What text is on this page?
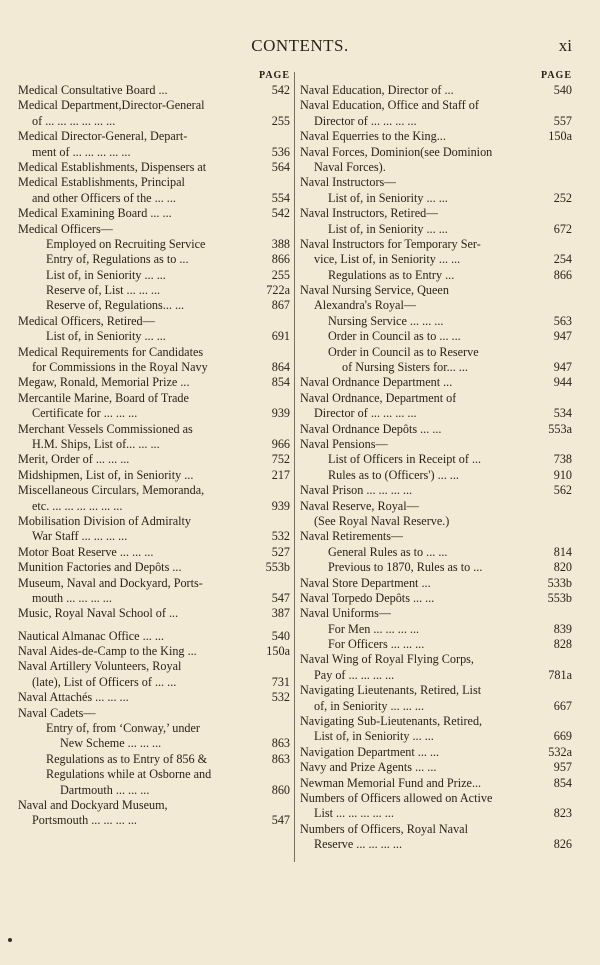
CONTENTS.	xi
PAGE
Medical Consultative Board ...	542
Medical Department,Director-General
of ... ... ... ... ... ...	255
Medical Director-General, Depart-
ment of ... ... ... ... ...	536
Medical Establishments, Dispensers at	564
Medical Establishments, Principal
and other Officers of the ... ...	554
Medical Examining Board ... ...	542
Medical Officers—
Employed on Recruiting Service	388
Entry of, Regulations as to ...	866
List of, in Seniority ... ...	255
Reserve of, List ... ... ...	722a
Reserve of, Regulations... ...	867
Medical Officers, Retired—
List of, in Seniority ... ...	691
Medical Requirements for Candidates
for Commissions in the Royal Navy	864
Megaw, Ronald, Memorial Prize ...	854
Mercantile Marine, Board of Trade
Certificate for ... ... ...	939
Merchant Vessels Commissioned as
H.M. Ships, List of... ... ...	966
Merit, Order of ... ... ...	752
Midshipmen, List of, in Seniority ...	217
Miscellaneous Circulars, Memoranda,
etc. ... ... ... ... ... ...	939
Mobilisation Division of Admiralty
War Staff ... ... ... ...	532
Motor Boat Reserve ... ... ...	527
Munition Factories and Depôts ...	553b
Museum, Naval and Dockyard, Ports-
mouth ... ... ... ...	547
Music, Royal Naval School of ...	387
Nautical Almanac Office ... ...	540
Naval Aides-de-Camp to the King ...	150a
Naval Artillery Volunteers, Royal
(late), List of Officers of ... ...	731
Naval Attachés ... ... ...	532
Naval Cadets—
Entry of, from ‘Conway,’ under
New Scheme ... ... ...	863
Regulations as to Entry of 856 &	863
Regulations while at Osborne and
Dartmouth ... ... ...	860
Naval and Dockyard Museum,
Portsmouth ... ... ... ...	547
PAGE
Naval Education, Director of ...	540
Naval Education, Office and Staff of
Director of ... ... ... ...	557
Naval Equerries to the King...	150a
Naval Forces, Dominion(see Dominion
Naval Forces).
Naval Instructors—
List of, in Seniority ... ...	252
Naval Instructors, Retired—
List of, in Seniority ... ...	672
Naval Instructors for Temporary Ser-
vice, List of, in Seniority ... ...	254
Regulations as to Entry ...	866
Naval Nursing Service, Queen
Alexandra's Royal—
Nursing Service ... ... ...	563
Order in Council as to ... ...	947
Order in Council as to Reserve
of Nursing Sisters for... ...	947
Naval Ordnance Department ...	944
Naval Ordnance, Department of
Director of ... ... ... ...	534
Naval Ordnance Depôts ... ...	553a
Naval Pensions—
List of Officers in Receipt of ...	738
Rules as to (Officers') ... ...	910
Naval Prison ... ... ... ...	562
Naval Reserve, Royal—
(See Royal Naval Reserve.)
Naval Retirements—
General Rules as to ... ...	814
Previous to 1870, Rules as to ...	820
Naval Store Department ...	533b
Naval Torpedo Depôts ... ...	553b
Naval Uniforms—
For Men ... ... ... ...	839
For Officers ... ... ...	828
Naval Wing of Royal Flying Corps,
Pay of ... ... ... ...	781a
Navigating Lieutenants, Retired, List
of, in Seniority ... ... ...	667
Navigating Sub-Lieutenants, Retired,
List of, in Seniority ... ...	669
Navigation Department ... ...	532a
Navy and Prize Agents ... ...	957
Newman Memorial Fund and Prize...	854
Numbers of Officers allowed on Active
List ... ... ... ... ...	823
Numbers of Officers, Royal Naval
Reserve ... ... ... ...	826
